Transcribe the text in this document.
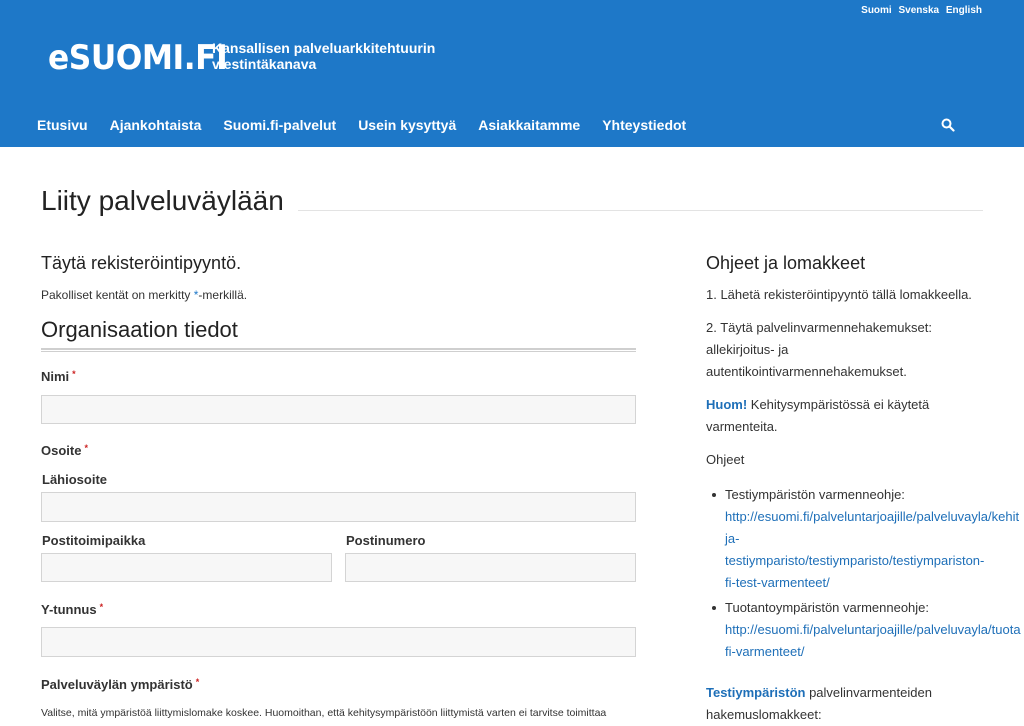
Suomi Svenska English
eSUOMI.FI
Kansallisen palveluarkkitehtuurin viestintäkanava
Etusivu	Ajankohtaista	Suomi.fi-palvelut	Usein kysyttyä	Asiakkaitamme	Yhteystiedot
Liity palveluväylään
Täytä rekisteröintipyyntö.
Pakolliset kentät on merkitty *-merkillä.
Organisaation tiedot
Nimi *
Osoite *
Lähiosoite
Postitoimipaikka	Postinumero
Y-tunnus *
Palveluväylän ympäristö *
Valitse, mitä ympäristöä liittymislomake koskee. Huomoithan, että kehitysympäristöön liittymistä varten ei tarvitse toimittaa
Ohjeet ja lomakkeet
1. Lähetä rekisteröintipyyntö tällä lomakkeella.
2. Täytä palvelinvarmennehakemukset:
allekirjoitus- ja
autentikointivarmennehakemukset.
Huom! Kehitysympäristössä ei käytetä
varmenteita.
Ohjeet
Testiympäristön varmenneohje:
http://esuomi.fi/palveluntarjoajille/palveluvayla/kehit
ja-
testiymparisto/testiymparisto/testiympariston-
fi-test-varmenteet/
Tuotantoympäristön varmenneohje:
http://esuomi.fi/palveluntarjoajille/palveluvayla/tuota
fi-varmenteet/
Testiympäristön palvelinvarmenteiden
hakemuslomakkeet:
